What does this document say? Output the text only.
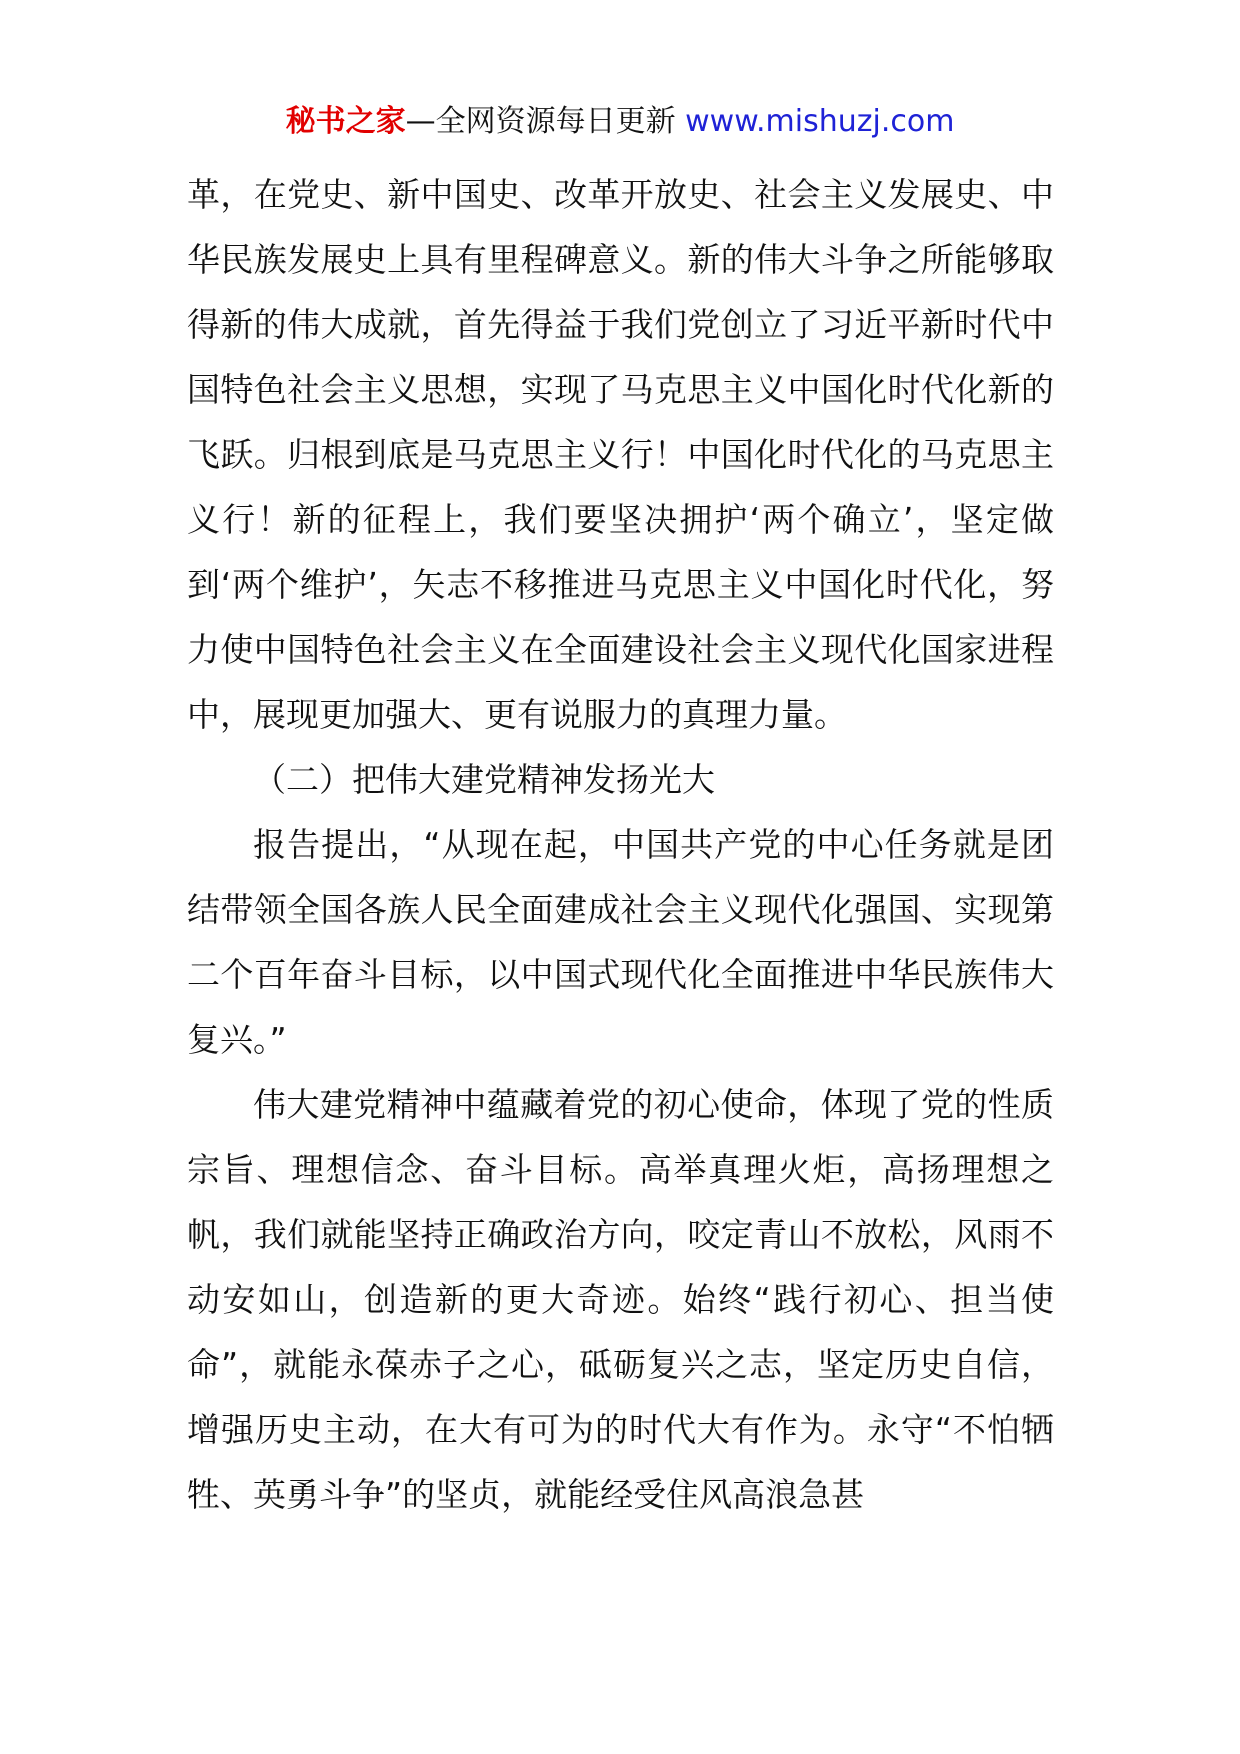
秘书之家—全网资源每日更新 www.mishuzj.com

革，在党史、新中国史、改革开放史、社会主义发展史、中华民族发展史上具有里程碑意义。新的伟大斗争之所能够取得新的伟大成就，首先得益于我们党创立了习近平新时代中国特色社会主义思想，实现了马克思主义中国化时代化新的飞跃。归根到底是马克思主义行！中国化时代化的马克思主义行！新的征程上，我们要坚决拥护‘两个确立’，坚定做到‘两个维护’，矢志不移推进马克思主义中国化时代化，努力使中国特色社会主义在全面建设社会主义现代化国家进程中，展现更加强大、更有说服力的真理力量。

（二）把伟大建党精神发扬光大

报告提出，“从现在起，中国共产党的中心任务就是团结带领全国各族人民全面建成社会主义现代化强国、实现第二个百年奋斗目标，以中国式现代化全面推进中华民族伟大复兴。”

伟大建党精神中蕴藏着党的初心使命，体现了党的性质宗旨、理想信念、奋斗目标。高举真理火炬，高扬理想之帆，我们就能坚持正确政治方向，咬定青山不放松，风雨不动安如山，创造新的更大奇迹。始终“践行初心、担当使命”，就能永葆赤子之心，砥砺复兴之志，坚定历史自信，增强历史主动，在大有可为的时代大有作为。永守“不怕牺牲、英勇斗争”的坚贞，就能经受住风高浪急甚
